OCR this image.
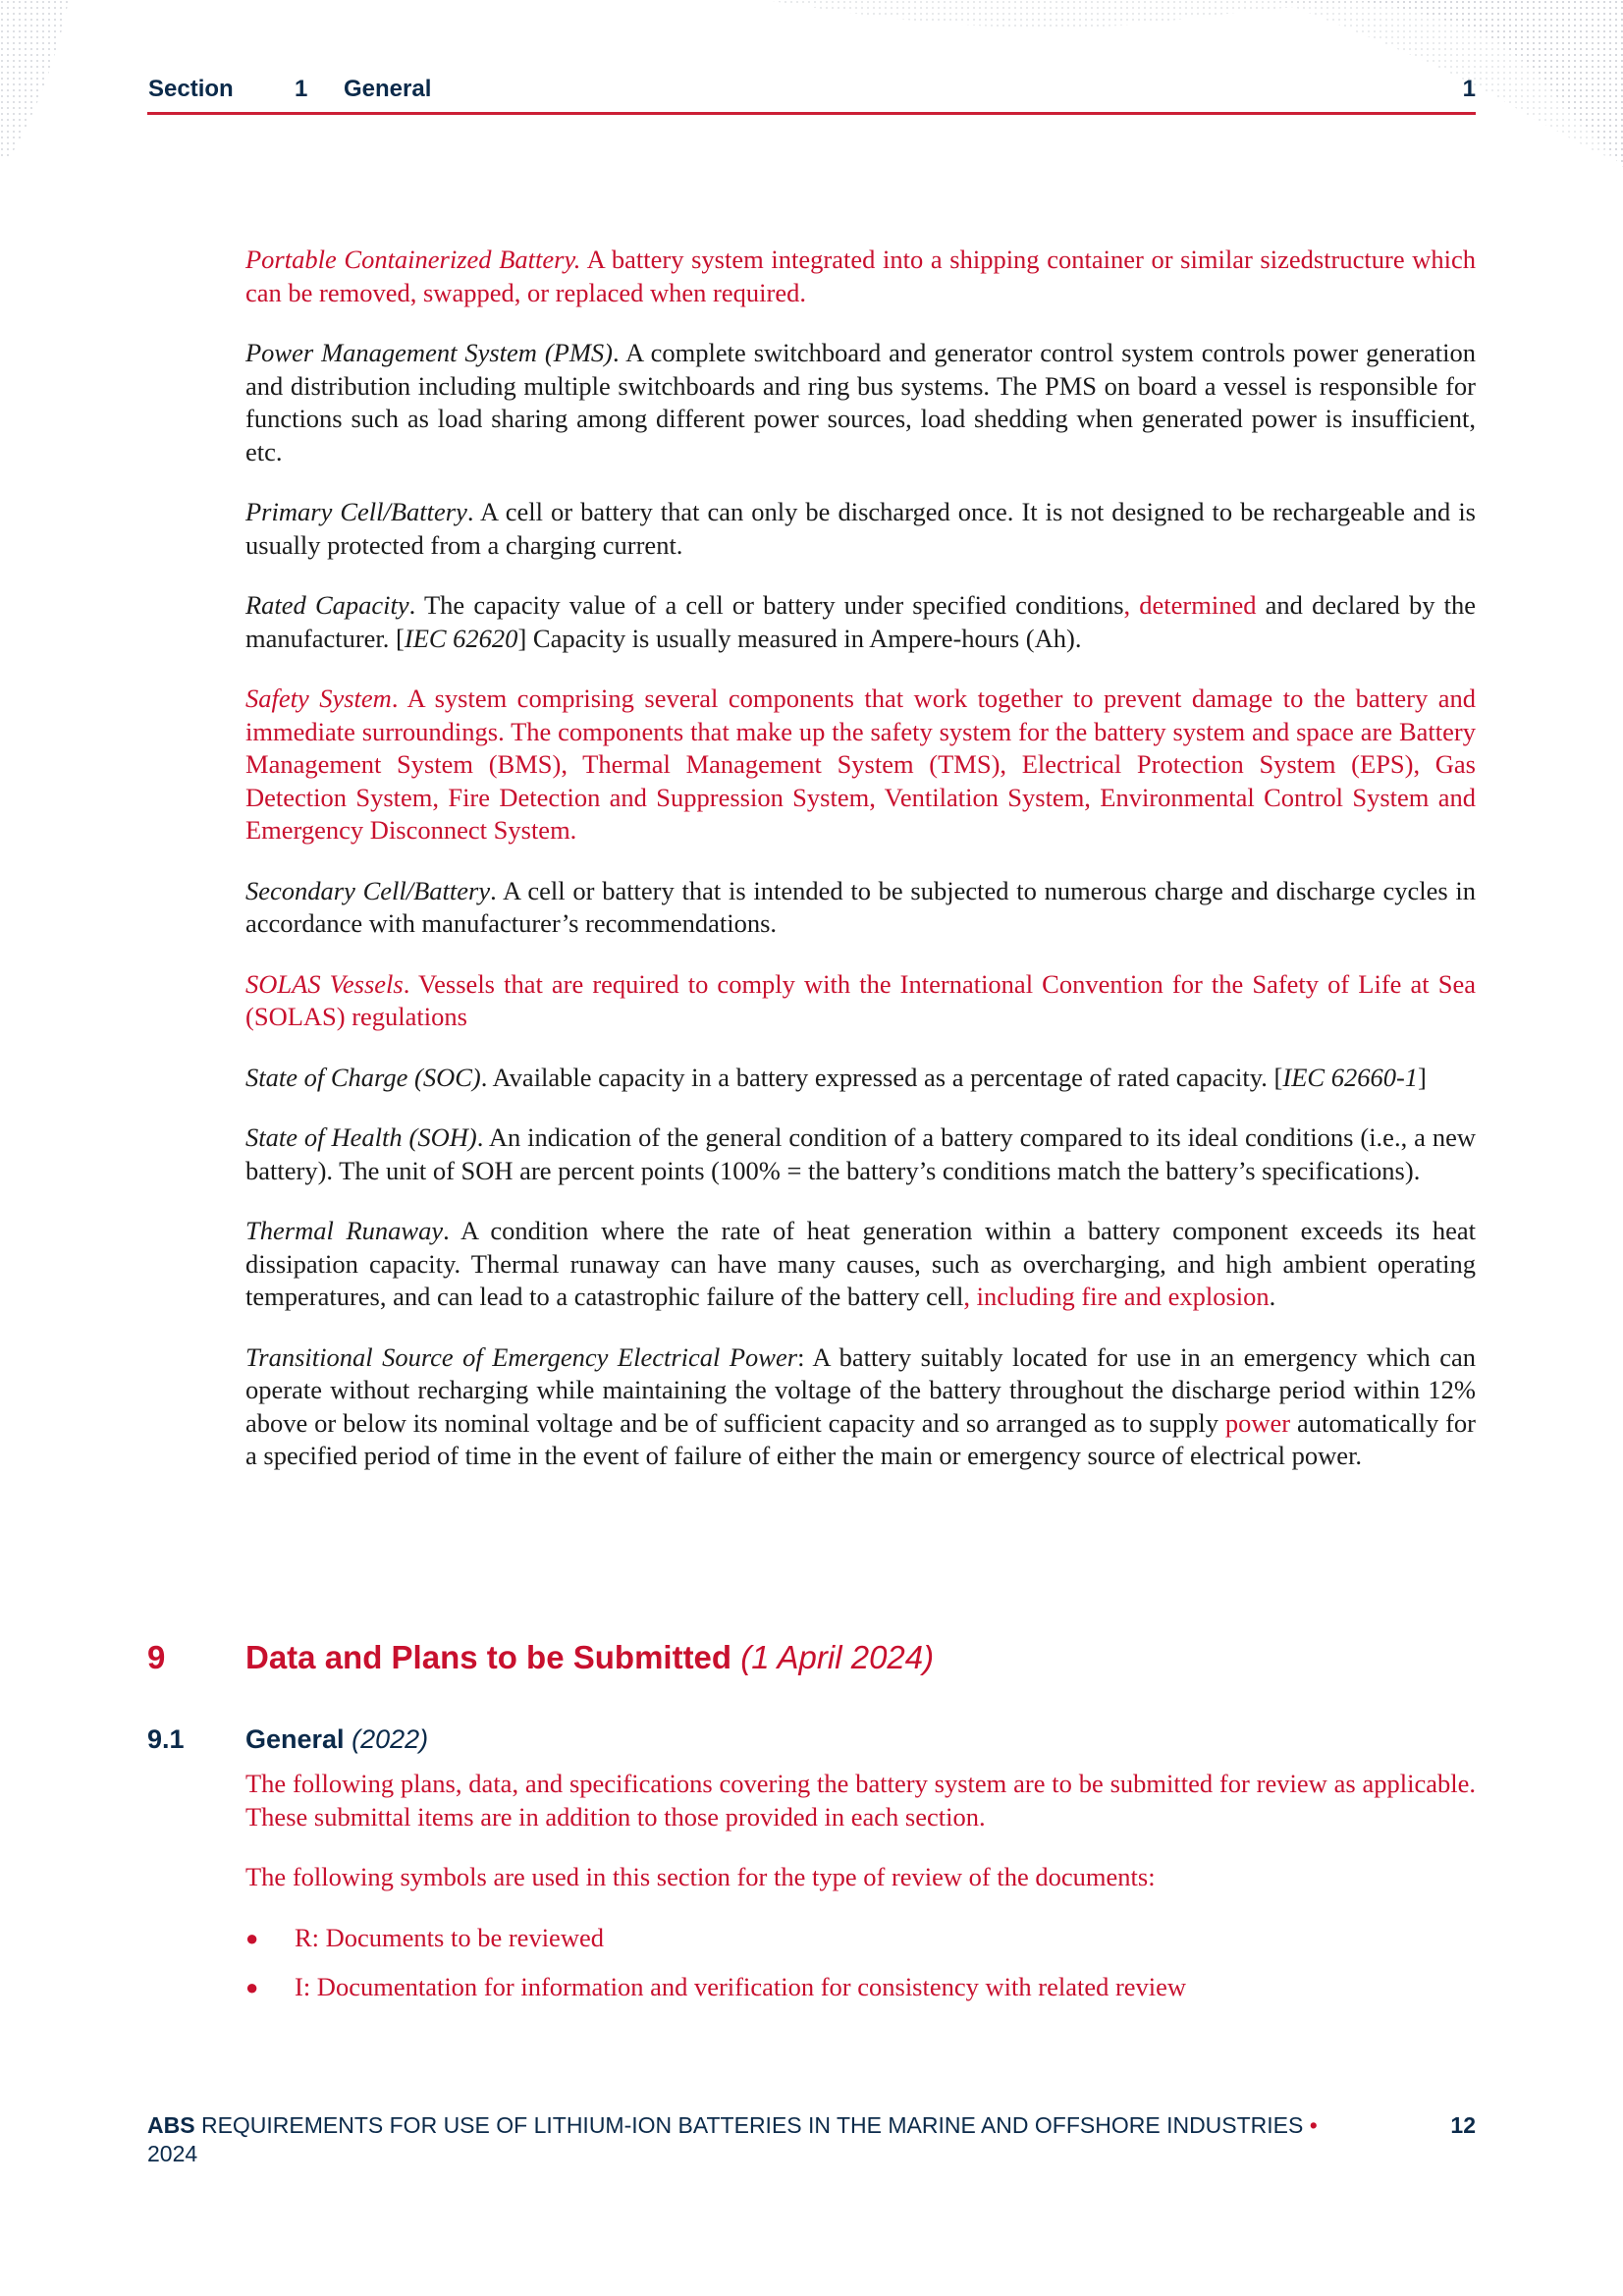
Section	1 General	1

Portable Containerized Battery. A battery system integrated into a shipping container or similar sizedstructure which can be removed, swapped, or replaced when required.

Power Management System (PMS). A complete switchboard and generator control system controls power generation and distribution including multiple switchboards and ring bus systems. The PMS on board a vessel is responsible for functions such as load sharing among different power sources, load shedding when generated power is insufficient, etc.

Primary Cell/Battery. A cell or battery that can only be discharged once. It is not designed to be rechargeable and is usually protected from a charging current.

Rated Capacity. The capacity value of a cell or battery under specified conditions, determined and declared by the manufacturer. [IEC 62620] Capacity is usually measured in Ampere-hours (Ah).

Safety System. A system comprising several components that work together to prevent damage to the battery and immediate surroundings. The components that make up the safety system for the battery system and space are Battery Management System (BMS), Thermal Management System (TMS), Electrical Protection System (EPS), Gas Detection System, Fire Detection and Suppression System, Ventilation System, Environmental Control System and Emergency Disconnect System.

Secondary Cell/Battery. A cell or battery that is intended to be subjected to numerous charge and discharge cycles in accordance with manufacturer’s recommendations.

SOLAS Vessels. Vessels that are required to comply with the International Convention for the Safety of Life at Sea (SOLAS) regulations

State of Charge (SOC). Available capacity in a battery expressed as a percentage of rated capacity. [IEC 62660-1]

State of Health (SOH). An indication of the general condition of a battery compared to its ideal conditions (i.e., a new battery). The unit of SOH are percent points (100% = the battery’s conditions match the battery’s specifications).

Thermal Runaway. A condition where the rate of heat generation within a battery component exceeds its heat dissipation capacity. Thermal runaway can have many causes, such as overcharging, and high ambient operating temperatures, and can lead to a catastrophic failure of the battery cell, including fire and explosion.

Transitional Source of Emergency Electrical Power: A battery suitably located for use in an emergency which can operate without recharging while maintaining the voltage of the battery throughout the discharge period within 12% above or below its nominal voltage and be of sufficient capacity and so arranged as to supply power automatically for a specified period of time in the event of failure of either the main or emergency source of electrical power.

9 Data and Plans to be Submitted (1 April 2024)
9.1 General (2022)

The following plans, data, and specifications covering the battery system are to be submitted for review as applicable. These submittal items are in addition to those provided in each section.

The following symbols are used in this section for the type of review of the documents:

● R: Documents to be reviewed
● I: Documentation for information and verification for consistency with related review
ABS REQUIREMENTS FOR USE OF LITHIUM-ION BATTERIES IN THE MARINE AND OFFSHORE INDUSTRIES • 2024
12
